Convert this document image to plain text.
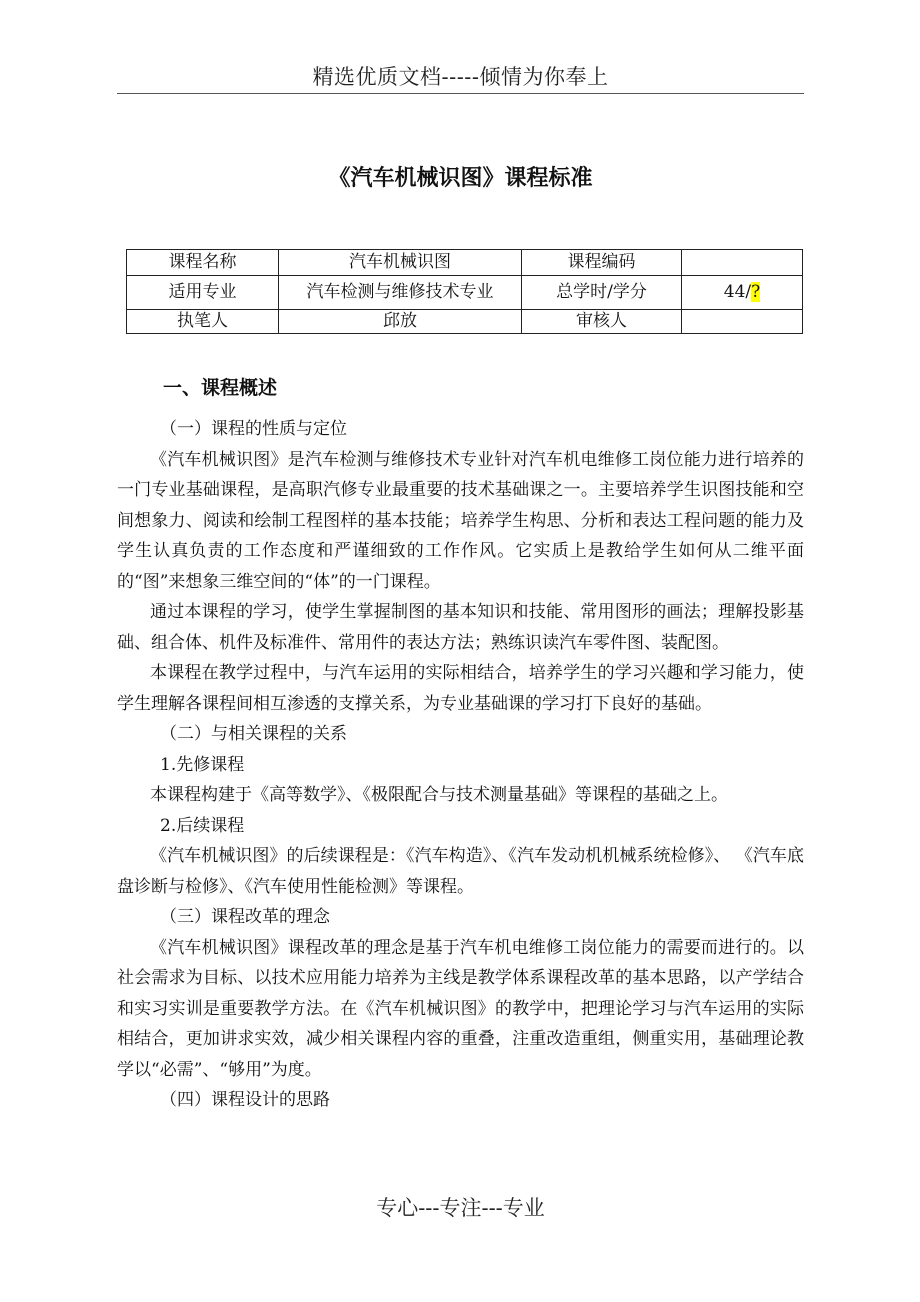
精选优质文档-----倾情为你奉上
《汽车机械识图》课程标准
课程名称	汽车机械识图	课程编码	
适用专业	汽车检测与维修技术专业	总学时/学分	44/?
执笔人	邱放	审核人	
一、课程概述
（一）课程的性质与定位
《汽车机械识图》是汽车检测与维修技术专业针对汽车机电维修工岗位能力进行培养的一门专业基础课程，是高职汽修专业最重要的技术基础课之一。主要培养学生识图技能和空间想象力、阅读和绘制工程图样的基本技能；培养学生构思、分析和表达工程问题的能力及学生认真负责的工作态度和严谨细致的工作作风。它实质上是教给学生如何从二维平面的“图”来想象三维空间的“体”的一门课程。
通过本课程的学习，使学生掌握制图的基本知识和技能、常用图形的画法；理解投影基础、组合体、机件及标准件、常用件的表达方法；熟练识读汽车零件图、装配图。
本课程在教学过程中，与汽车运用的实际相结合，培养学生的学习兴趣和学习能力，使学生理解各课程间相互渗透的支撑关系，为专业基础课的学习打下良好的基础。
（二）与相关课程的关系
1.先修课程
本课程构建于《高等数学》、《极限配合与技术测量基础》等课程的基础之上。
2.后续课程
《汽车机械识图》的后续课程是：《汽车构造》、《汽车发动机机械系统检修》、 《汽车底盘诊断与检修》、《汽车使用性能检测》等课程。
（三）课程改革的理念
《汽车机械识图》课程改革的理念是基于汽车机电维修工岗位能力的需要而进行的。以社会需求为目标、以技术应用能力培养为主线是教学体系课程改革的基本思路，以产学结合和实习实训是重要教学方法。在《汽车机械识图》的教学中，把理论学习与汽车运用的实际相结合，更加讲求实效，减少相关课程内容的重叠，注重改造重组，侧重实用，基础理论教学以“必需”、“够用”为度。
（四）课程设计的思路
专心---专注---专业
